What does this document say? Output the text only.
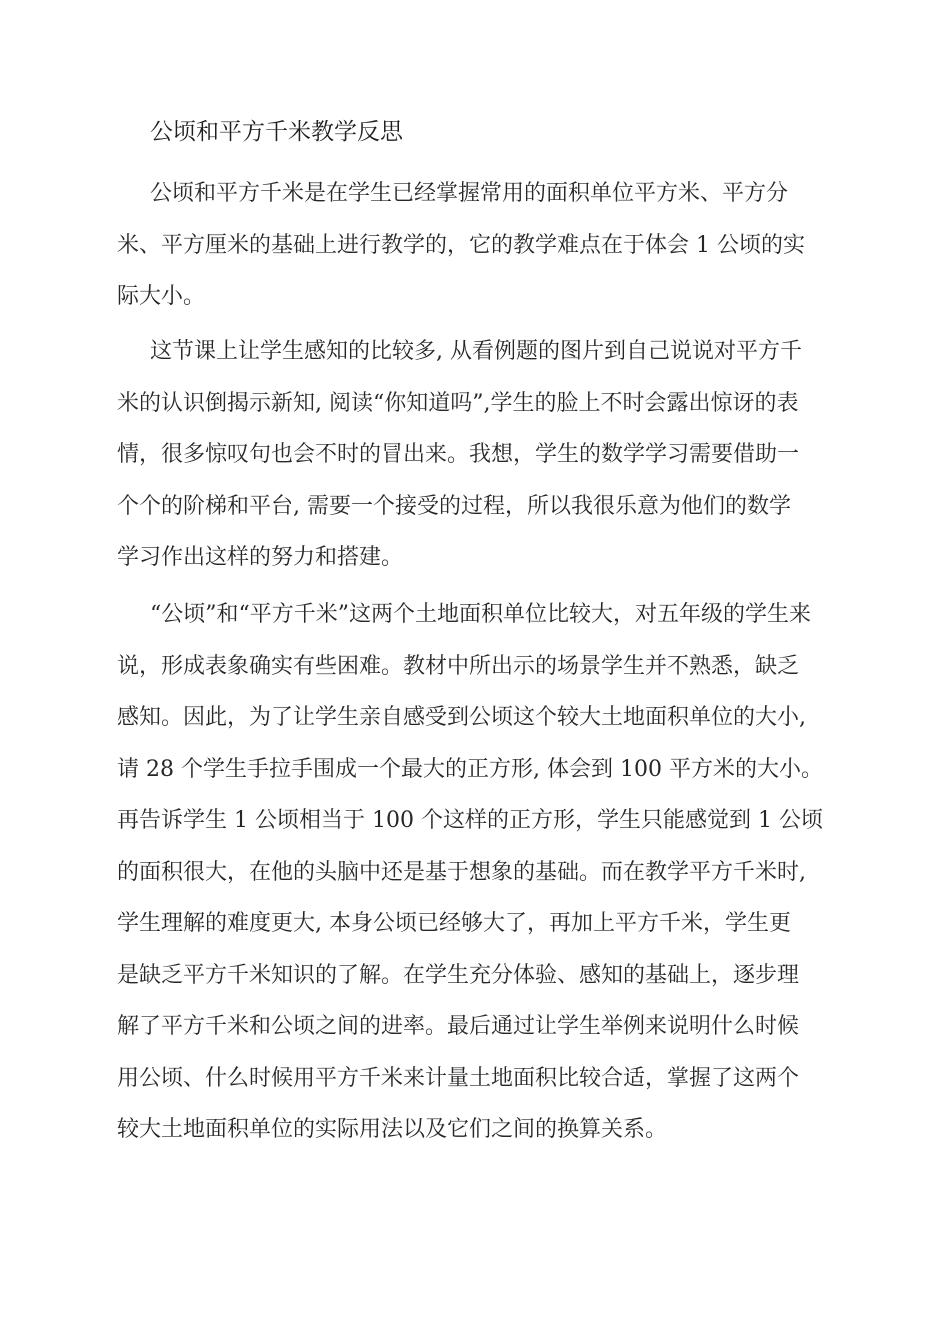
公顷和平方千米教学反思
公顷和平方千米是在学生已经掌握常用的面积单位平方米、平方分
米、平方厘米的基础上进行教学的，它的教学难点在于体会 1 公顷的实
际大小。
这节课上让学生感知的比较多, 从看例题的图片到自己说说对平方千
米的认识倒揭示新知, 阅读“你知道吗”,学生的脸上不时会露出惊讶的表
情，很多惊叹句也会不时的冒出来。我想，学生的数学学习需要借助一
个个的阶梯和平台, 需要一个接受的过程，所以我很乐意为他们的数学
学习作出这样的努力和搭建。
“公顷”和“平方千米”这两个土地面积单位比较大，对五年级的学生来
说，形成表象确实有些困难。教材中所出示的场景学生并不熟悉，缺乏
感知。因此，为了让学生亲自感受到公顷这个较大土地面积单位的大小,
请 28 个学生手拉手围成一个最大的正方形, 体会到 100 平方米的大小。
再告诉学生 1 公顷相当于 100 个这样的正方形，学生只能感觉到 1 公顷
的面积很大，在他的头脑中还是基于想象的基础。而在教学平方千米时,
学生理解的难度更大, 本身公顷已经够大了，再加上平方千米，学生更
是缺乏平方千米知识的了解。在学生充分体验、感知的基础上，逐步理
解了平方千米和公顷之间的进率。最后通过让学生举例来说明什么时候
用公顷、什么时候用平方千米来计量土地面积比较合适，掌握了这两个
较大土地面积单位的实际用法以及它们之间的换算关系。
